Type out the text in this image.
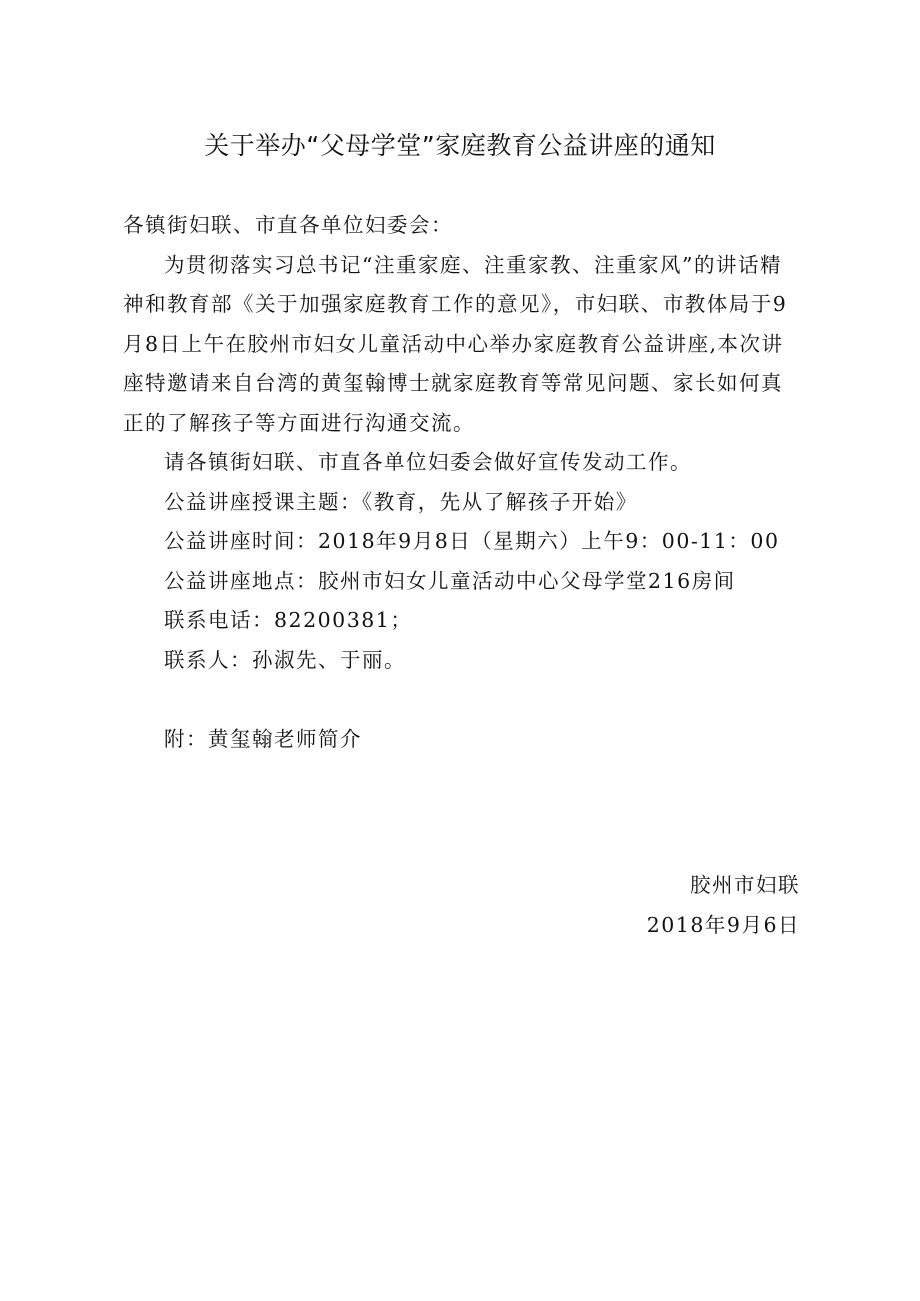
关于举办“父母学堂”家庭教育公益讲座的通知

各镇街妇联、市直各单位妇委会：

为贯彻落实习总书记“注重家庭、注重家教、注重家风”的讲话精神和教育部《关于加强家庭教育工作的意见》，市妇联、市教体局于9月8日上午在胶州市妇女儿童活动中心举办家庭教育公益讲座,本次讲座特邀请来自台湾的黄玺翰博士就家庭教育等常见问题、家长如何真正的了解孩子等方面进行沟通交流。

请各镇街妇联、市直各单位妇委会做好宣传发动工作。

公益讲座授课主题：《教育，先从了解孩子开始》

公益讲座时间：2018年9月8日（星期六）上午9：00-11：00

公益讲座地点：胶州市妇女儿童活动中心父母学堂216房间

联系电话：82200381；

联系人：孙淑先、于丽。

附：黄玺翰老师简介

胶州市妇联
2018年9月6日
